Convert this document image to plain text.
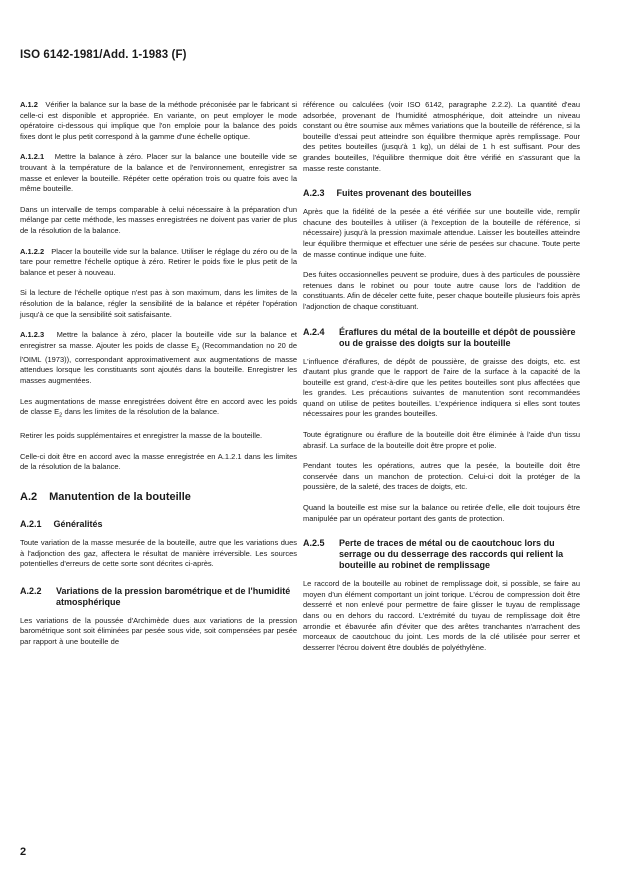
ISO 6142-1981/Add. 1-1983 (F)

A.1.2 Vérifier la balance sur la base de la méthode préconisée par le fabricant si celle-ci est disponible et appropriée. En variante, on peut employer le mode opératoire ci-dessous qui implique que l'on emploie pour la balance des poids fixes dont le plus petit correspond à la gamme d'une échelle optique.

A.1.2.1 Mettre la balance à zéro. Placer sur la balance une bouteille vide se trouvant à la température de la balance et de l'environnement, enregistrer sa masse et enlever la bouteille. Répéter cette opération trois ou quatre fois avec la même bouteille.

Dans un intervalle de temps comparable à celui nécessaire à la préparation d'un mélange par cette méthode, les masses enregistrées ne doivent pas varier de plus de la résolution de la balance.

A.1.2.2 Placer la bouteille vide sur la balance. Utiliser le réglage du zéro ou de la tare pour remettre l'échelle optique à zéro. Retirer le poids fixe le plus petit de la balance et peser à nouveau.

Si la lecture de l'échelle optique n'est pas à son maximum, dans les limites de la résolution de la balance, régler la sensibilité de la balance et répéter l'opération jusqu'à ce que la sensibilité soit satisfaisante.

A.1.2.3 Mettre la balance à zéro, placer la bouteille vide sur la balance et enregistrer sa masse. Ajouter les poids de classe $E_2$ (Recommandation no 20 de l'OIML (1973)), correspondant approximativement aux augmentations de masse attendues lorsque les constituants sont ajoutés dans la bouteille. Enregistrer les masses augmentées.

Les augmentations de masse enregistrées doivent être en accord avec les poids de classe $E_2$ dans les limites de la résolution de la balance.

Retirer les poids supplémentaires et enregistrer la masse de la bouteille.

Celle-ci doit être en accord avec la masse enregistrée en A.1.2.1 dans les limites de la résolution de la balance.

A.2 Manutention de la bouteille
A.2.1 Généralités

Toute variation de la masse mesurée de la bouteille, autre que les variations dues à l'adjonction des gaz, affectera le résultat de manière irréversible. Les sources potentielles d'erreurs de cette sorte sont décrites ci-après.

A.2.2 Variations de la pression barométrique et de l'humidité atmosphérique

Les variations de la poussée d'Archimède dues aux variations de la pression barométrique sont soit éliminées par pesée sous vide, soit compensées par pesée par rapport à une bouteille de

référence ou calculées (voir ISO 6142, paragraphe 2.2.2). La quantité d'eau adsorbée, provenant de l'humidité atmosphérique, doit atteindre un niveau constant ou être soumise aux mêmes variations que la bouteille de référence, si la bouteille d'essai peut atteindre son équilibre thermique après remplissage. Pour des petites bouteilles (jusqu'à 1 kg), un délai de 1 h est suffisant. Pour des grandes bouteilles, l'équilibre thermique doit être vérifié en s'assurant que la masse reste constante.

A.2.3 Fuites provenant des bouteilles

Après que la fidélité de la pesée a été vérifiée sur une bouteille vide, remplir chacune des bouteilles à utiliser (à l'exception de la bouteille de référence, si nécessaire) jusqu'à la pression maximale attendue. Laisser les bouteilles atteindre leur équilibre thermique et effectuer une série de pesées sur chacune. Toute perte de masse continue indique une fuite.

Des fuites occasionnelles peuvent se produire, dues à des particules de poussière retenues dans le robinet ou pour toute autre cause lors de l'addition de constituants. Afin de déceler cette fuite, peser chaque bouteille plusieurs fois après l'adjonction de chaque constituant.

A.2.4 Éraflures du métal de la bouteille et dépôt de poussière ou de graisse des doigts sur la bouteille

L'influence d'éraflures, de dépôt de poussière, de graisse des doigts, etc. est d'autant plus grande que le rapport de l'aire de la surface à la capacité de la bouteille est grand, c'est-à-dire que les petites bouteilles sont plus affectées que les grandes. Les précautions suivantes de manutention sont recommandées quand on utilise de petites bouteilles. L'expérience indiquera si elles sont toutes nécessaires pour les grandes bouteilles.

Toute égratignure ou éraflure de la bouteille doit être éliminée à l'aide d'un tissu abrasif. La surface de la bouteille doit être propre et polie.

Pendant toutes les opérations, autres que la pesée, la bouteille doit être conservée dans un manchon de protection. Celui-ci doit la protéger de la poussière, de la saleté, des traces de doigts, etc.

Quand la bouteille est mise sur la balance ou retirée d'elle, elle doit toujours être manipulée par un opérateur portant des gants de protection.

A.2.5 Perte de traces de métal ou de caoutchouc lors du serrage ou du desserrage des raccords qui relient la bouteille au robinet de remplissage

Le raccord de la bouteille au robinet de remplissage doit, si possible, se faire au moyen d'un élément comportant un joint torique. L'écrou de compression doit être desserré et non enlevé pour permettre de faire glisser le tuyau de remplissage dans ou en dehors du raccord. L'extrémité du tuyau de remplissage doit être arrondie et ébavurée afin d'éviter que des arêtes tranchantes n'arrachent des morceaux de caoutchouc du joint. Les mords de la clé utilisée pour serrer et desserrer l'écrou doivent être doublés de polyéthylène.

2
